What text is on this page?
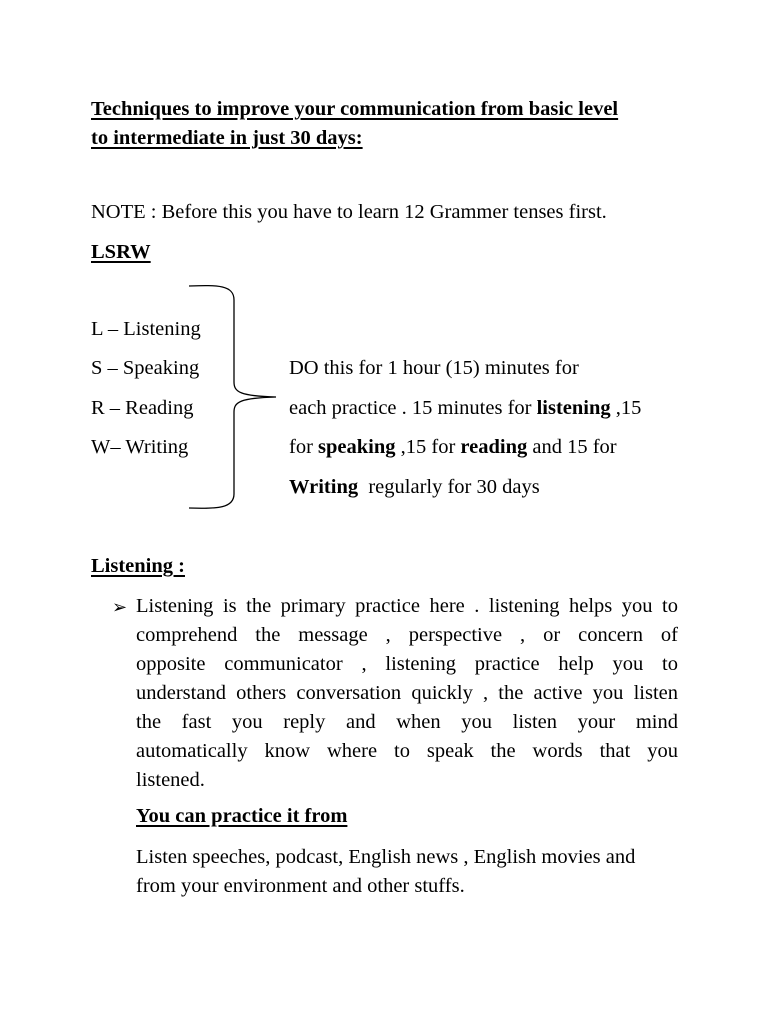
Techniques to improve your communication from basic level
to intermediate in just 30 days:
NOTE : Before this you have to learn 12 Grammer tenses first.
LSRW
L – Listening
S – Speaking
R – Reading
W– Writing
DO this for 1 hour (15) minutes for
each practice . 15 minutes for listening ,15
for speaking ,15 for reading and 15 for
Writing  regularly for 30 days
Listening :
➢ Listening is the primary practice here . listening helps you to
comprehend the message , perspective , or concern of
opposite communicator , listening practice help you to
understand others conversation quickly , the active you listen
the fast you reply and when you listen your mind
automatically know where to speak the words that you
listened.
You can practice it from
Listen speeches, podcast, English news , English movies and
from your environment and other stuffs.
